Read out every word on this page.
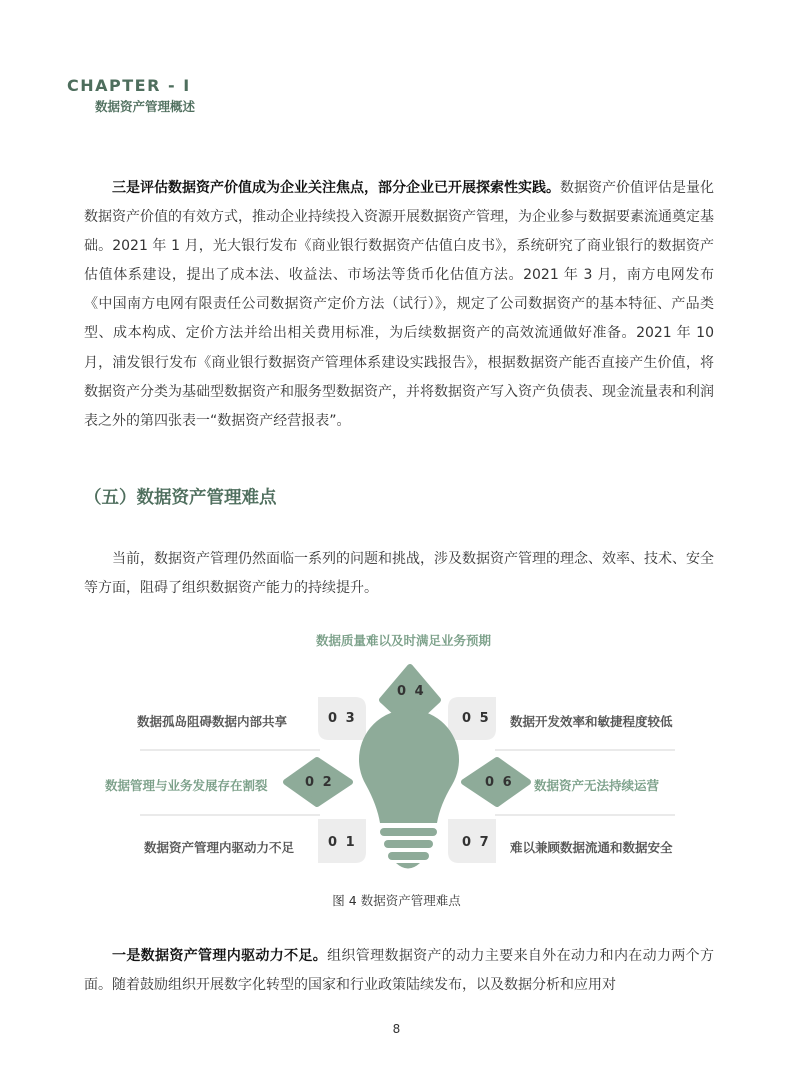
CHAPTER - I
数据资产管理概述

三是评估数据资产价值成为企业关注焦点，部分企业已开展探索性实践。数据资产价值评估是量化数据资产价值的有效方式，推动企业持续投入资源开展数据资产管理，为企业参与数据要素流通奠定基础。2021 年 1 月，光大银行发布《商业银行数据资产估值白皮书》，系统研究了商业银行的数据资产估值体系建设，提出了成本法、收益法、市场法等货币化估值方法。2021 年 3 月，南方电网发布《中国南方电网有限责任公司数据资产定价方法（试行）》，规定了公司数据资产的基本特征、产品类型、成本构成、定价方法并给出相关费用标准，为后续数据资产的高效流通做好准备。2021 年 10 月，浦发银行发布《商业银行数据资产管理体系建设实践报告》，根据数据资产能否直接产生价值，将数据资产分类为基础型数据资产和服务型数据资产，并将数据资产写入资产负债表、现金流量表和利润表之外的第四张表一“数据资产经营报表”。

（五）数据资产管理难点

当前，数据资产管理仍然面临一系列的问题和挑战，涉及数据资产管理的理念、效率、技术、安全等方面，阻碍了组织数据资产能力的持续提升。

0 3	0 5
0 1	0 7
0 4
0 2	0 6
数据质量难以及时满足业务预期
数据孤岛阻碍数据内部共享	数据开发效率和敏捷程度较低
数据管理与业务发展存在割裂	数据资产无法持续运营
数据资产管理内驱动力不足	难以兼顾数据流通和数据安全
图 4 数据资产管理难点

一是数据资产管理内驱动力不足。组织管理数据资产的动力主要来自外在动力和内在动力两个方面。随着鼓励组织开展数字化转型的国家和行业政策陆续发布，以及数据分析和应用对

8
